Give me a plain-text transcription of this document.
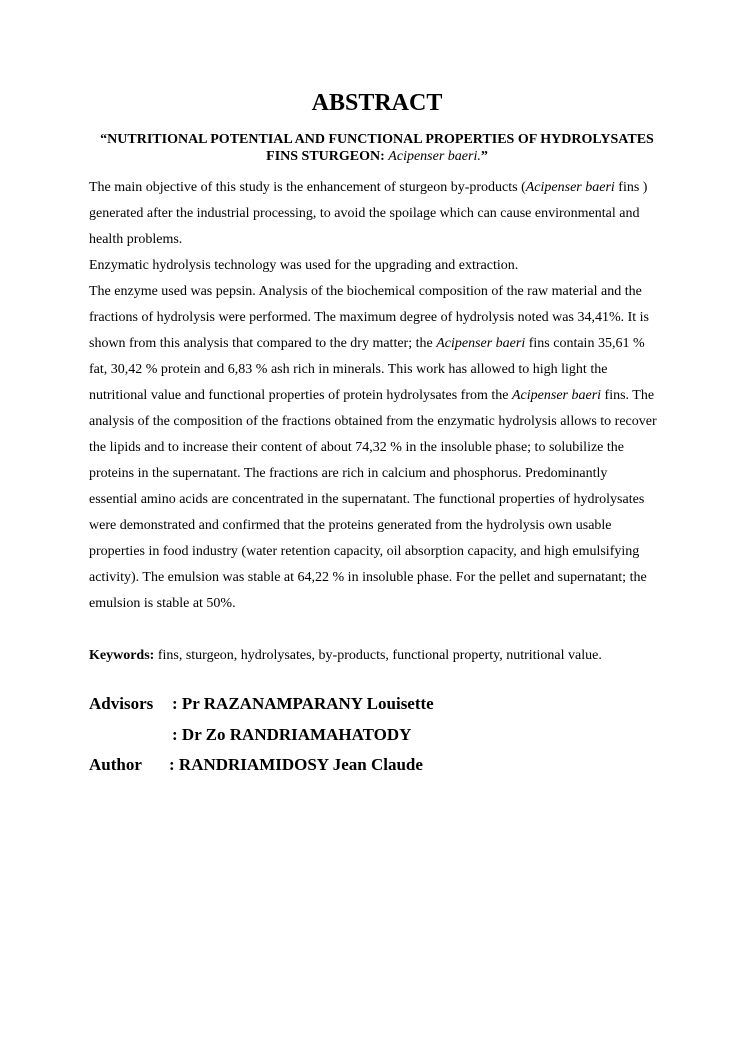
ABSTRACT
“NUTRITIONAL POTENTIAL AND FUNCTIONAL PROPERTIES OF HYDROLYSATES FINS STURGEON: Acipenser baeri.”

The main objective of this study is the enhancement of sturgeon by-products (Acipenser baeri fins ) generated after the industrial processing, to avoid the spoilage which can cause environmental and health problems.

Enzymatic hydrolysis technology was used for the upgrading and extraction.

The enzyme used was pepsin. Analysis of the biochemical composition of the raw material and the fractions of hydrolysis were performed. The maximum degree of hydrolysis noted was 34,41%. It is shown from this analysis that compared to the dry matter; the Acipenser baeri fins contain 35,61 % fat, 30,42 % protein and 6,83 % ash rich in minerals. This work has allowed to high light the nutritional value and functional properties of protein hydrolysates from the Acipenser baeri fins. The analysis of the composition of the fractions obtained from the enzymatic hydrolysis allows to recover the lipids and to increase their content of about 74,32 % in the insoluble phase; to solubilize the proteins in the supernatant. The fractions are rich in calcium and phosphorus. Predominantly essential amino acids are concentrated in the supernatant. The functional properties of hydrolysates were demonstrated and confirmed that the proteins generated from the hydrolysis own usable properties in food industry (water retention capacity, oil absorption capacity, and high emulsifying activity). The emulsion was stable at 64,22 % in insoluble phase. For the pellet and supernatant; the emulsion is stable at 50%.

Keywords: fins, sturgeon, hydrolysates, by-products, functional property, nutritional value.
Advisors	: Pr RAZANAMPARANY Louisette
: Dr Zo RANDRIAMAHATODY
Author	: RANDRIAMIDOSY Jean Claude
